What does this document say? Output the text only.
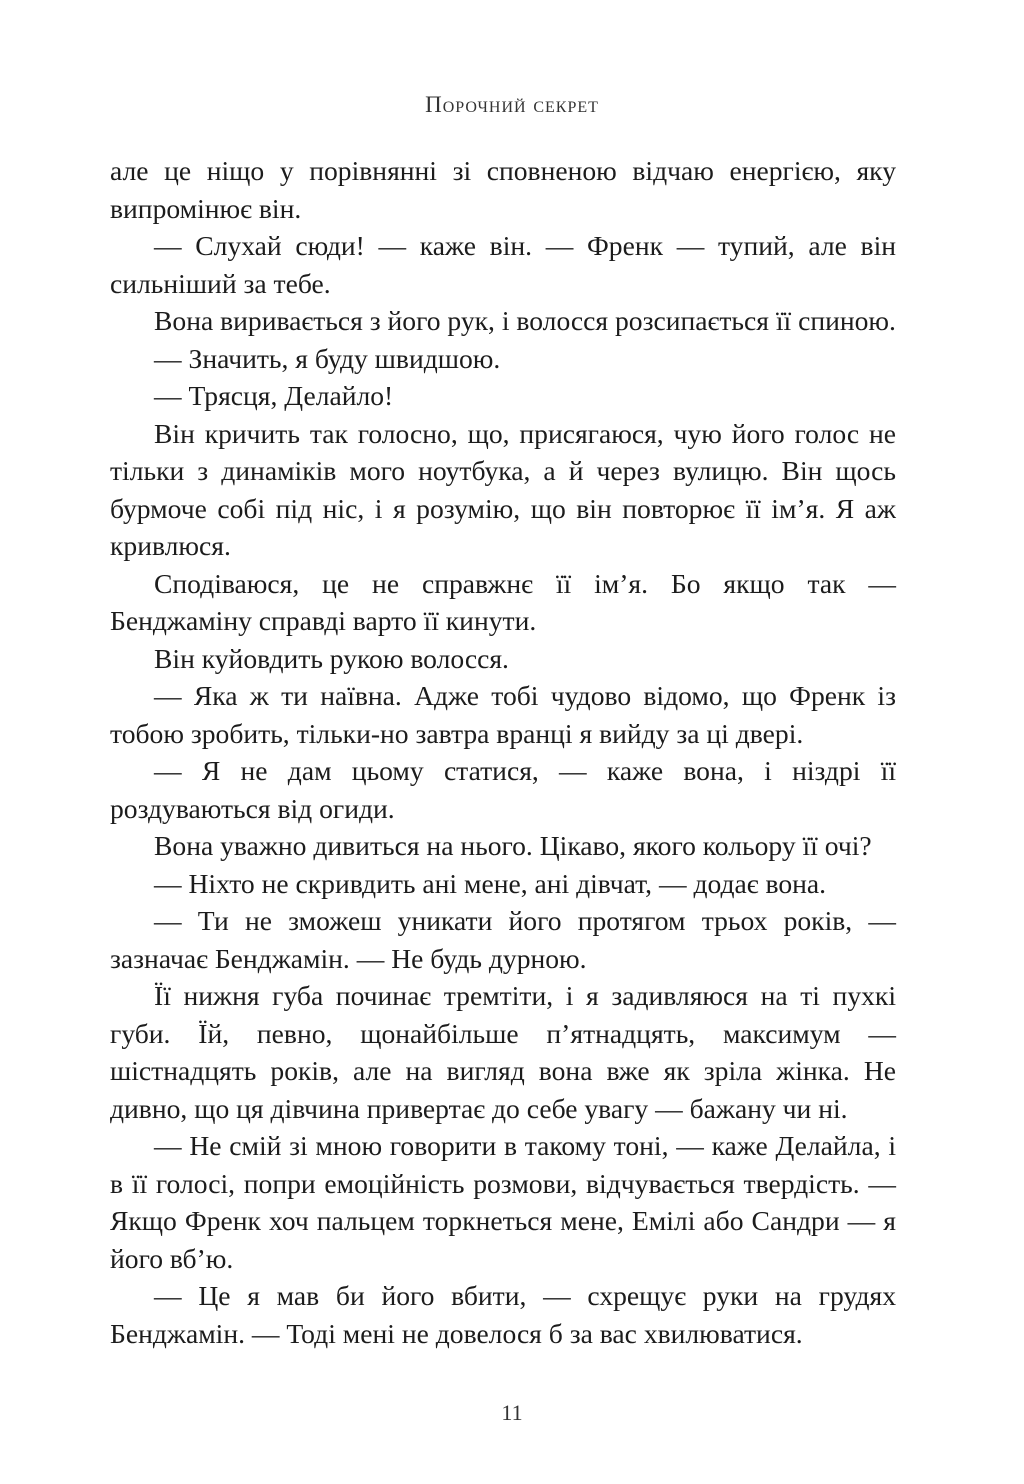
Порочний секрет

але це ніщо у порівнянні зі сповненою відчаю енергією, яку випромінює він.

— Слухай сюди! — каже він. — Френк — тупий, але він сильніший за тебе.

Вона виривається з його рук, і волосся розсипається її спиною.

— Значить, я буду швидшою.

— Трясця, Делайло!

Він кричить так голосно, що, присягаюся, чую його голос не тільки з динаміків мого ноутбука, а й через вулицю. Він щось бурмоче собі під ніс, і я розумію, що він повторює її ім’я. Я аж кривлюся.

Сподіваюся, це не справжнє її ім’я. Бо якщо так — Бенджаміну справді варто її кинути.

Він куйовдить рукою волосся.

— Яка ж ти наївна. Адже тобі чудово відомо, що Френк із тобою зробить, тільки-но завтра вранці я вийду за ці двері.

— Я не дам цьому статися, — каже вона, і ніздрі її роздуваються від огиди.

Вона уважно дивиться на нього. Цікаво, якого кольору її очі?

— Ніхто не скривдить ані мене, ані дівчат, — додає вона.

— Ти не зможеш уникати його протягом трьох років, — зазначає Бенджамін. — Не будь дурною.

Її нижня губа починає тремтіти, і я задивляюся на ті пухкі губи. Їй, певно, щонайбільше п’ятнадцять, максимум — шістнадцять років, але на вигляд вона вже як зріла жінка. Не дивно, що ця дівчина привертає до себе увагу — бажану чи ні.

— Не смій зі мною говорити в такому тоні, — каже Делайла, і в її голосі, попри емоційність розмови, відчувається твердість. — Якщо Френк хоч пальцем торкнеться мене, Емілі або Сандри — я його вб’ю.

— Це я мав би його вбити, — схрещує руки на грудях Бенджамін. — Тоді мені не довелося б за вас хвилюватися.

11
